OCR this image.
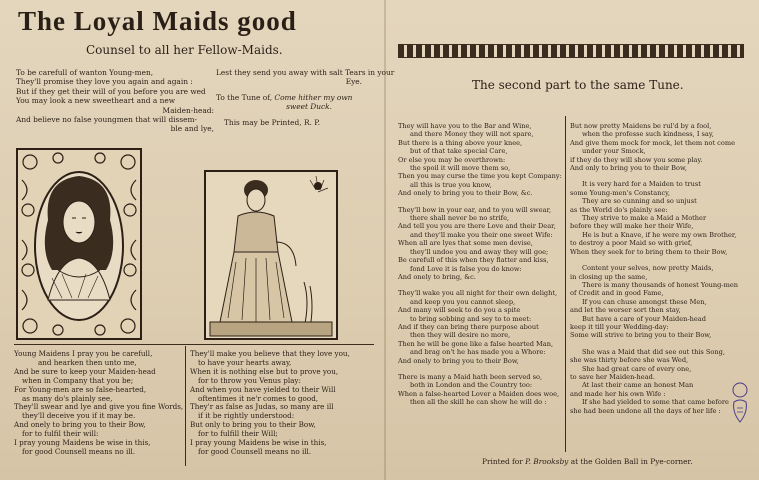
The Loyal Maids good
Counsel to all her Fellow-Maids.
To be carefull of wanton Young-men,
They'll promise they love you again and again :
But if they get their will of you before you are wed
You may look a new sweetheart and a new
Maiden-head:
And believe no false youngmen that will dissem-
ble and lye,
Lest they send you away with salt Tears in your
Eye.
To the Tune of, Come hither my own
sweet Duck.
This may be Printed, R. P.
Young Maidens I pray you be carefull,
and hearken then unto me,
And be sure to keep your Maiden-head
when in Company that you be;
For Young-men are so false-hearted,
as many do's plainly see,
They'll swear and lye and give you fine Words,
they'll deceive you if it may be.
And onely to bring you to their Bow,
for to fulfil their will:
I pray young Maidens be wise in this,
for good Counsell means no ill.
They'll make you believe that they love you,
to have your hearts away,
When it is nothing else but to prove you,
for to throw you Venus play:
And when you have yielded to their Will
oftentimes it ne'r comes to good,
They'r as false as Judas, so many are ill
if it be rightly understood:
But only to bring you to their Bow,
for to fulfill their Will;
I pray young Maidens be wise in this,
for good Counsell means no ill.
The second part to the same Tune.
They will have you to the Bar and Wine,
and there Money they will not spare,
But there is a thing above your knee,
but of that take special Care,
Or else you may be overthrown:
the spoil it will move them so,
Then you may curse the time you kept Company:
all this is true you know,
And onely to bring you to their Bow, &c.
They'll bow in your ear, and to you will swear,
there shall never be no strife,
And tell you you are there Love and their Dear,
and they'll make you their one sweet Wife:
When all are lyes that some men devise,
they'll undoe you and away they will goe;
Be carefull of this when they flatter and kiss,
fond Love it is false you do know:
And onely to bring, &c.
They'll wake you all night for their own delight,
and keep you you cannot sleep,
And many will seek to do you a spite
to bring sobbing and sey to to meet:
And if they can bring there purpose about
then they will desire no more,
Then he will be gone like a false hearted Man,
and brag on't he has made you a Whore:
And onely to bring you to their Bow,
There is many a Maid hath been served so,
both in London and the Country too:
When a false-hearted Lover a Maiden does woe,
then all the skill he can show he will do :
But now pretty Maidens be rul'd by a fool,
when the professe such kindness, I say,
And give them mock for mock, let them not come
under your Smock,
if they do they will show you some play.
And only to bring you to their Bow,
It is very hard for a Maiden to trust
some Young-men's Constancy,
They are so cunning and so unjust
as the World do's plainly see:
They strive to make a Maid a Mother
before they will make her their Wife,
He is but a Knave, if he were my own Brother,
to destroy a poor Maid so with grief,
When they seek for to bring them to their Bow,
Content your selves, now pretty Maids,
in closing up the same,
There is many thousands of honest Young-men
of Credit and in good Fame,
If you can chuse amongst these Men,
and let the worser sort then stay,
But have a care of your Maiden-head
keep it till your Wedding-day:
Some will strive to bring you to their Bow,
She was a Maid that did see out this Song,
she was thirty before she was Wed,
She had great care of every one,
to save her Maiden-head.
At last their came an honest Man
and made her his own Wife :
If she had yielded to some that came before
she had been undone all the days of her life :
Printed for P. Brooksby at the Golden Ball in Pye-corner.
